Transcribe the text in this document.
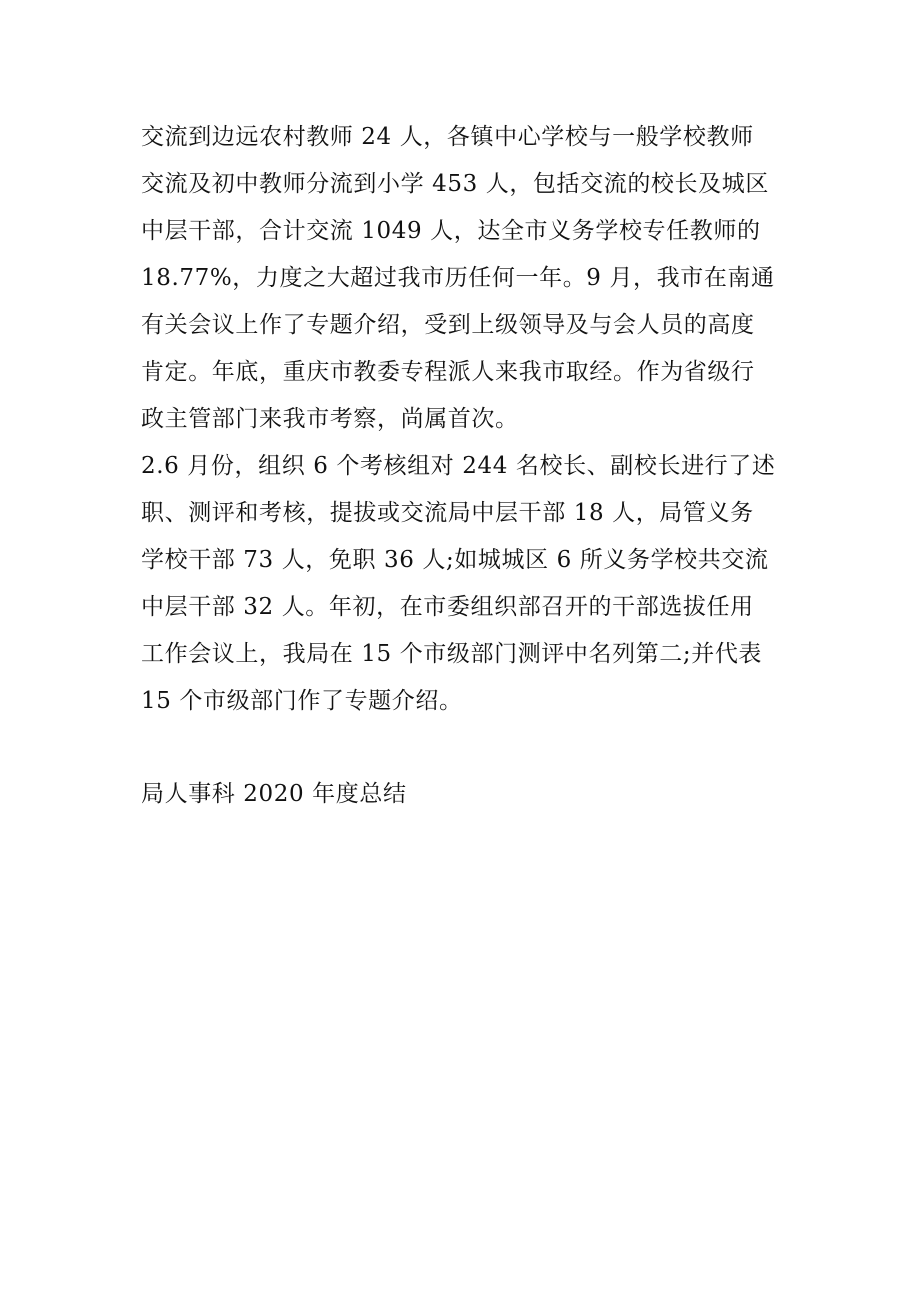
交流到边远农村教师 24 人，各镇中心学校与一般学校教师
交流及初中教师分流到小学 453 人，包括交流的校长及城区
中层干部，合计交流 1049 人，达全市义务学校专任教师的
18.77%，力度之大超过我市历任何一年。9 月，我市在南通
有关会议上作了专题介绍，受到上级领导及与会人员的高度
肯定。年底，重庆市教委专程派人来我市取经。作为省级行
政主管部门来我市考察，尚属首次。
2.6 月份，组织 6 个考核组对 244 名校长、副校长进行了述
职、测评和考核，提拔或交流局中层干部 18 人，局管义务
学校干部 73 人，免职 36 人;如城城区 6 所义务学校共交流
中层干部 32 人。年初，在市委组织部召开的干部选拔任用
工作会议上，我局在 15 个市级部门测评中名列第二;并代表
15 个市级部门作了专题介绍。
局人事科 2020 年度总结
